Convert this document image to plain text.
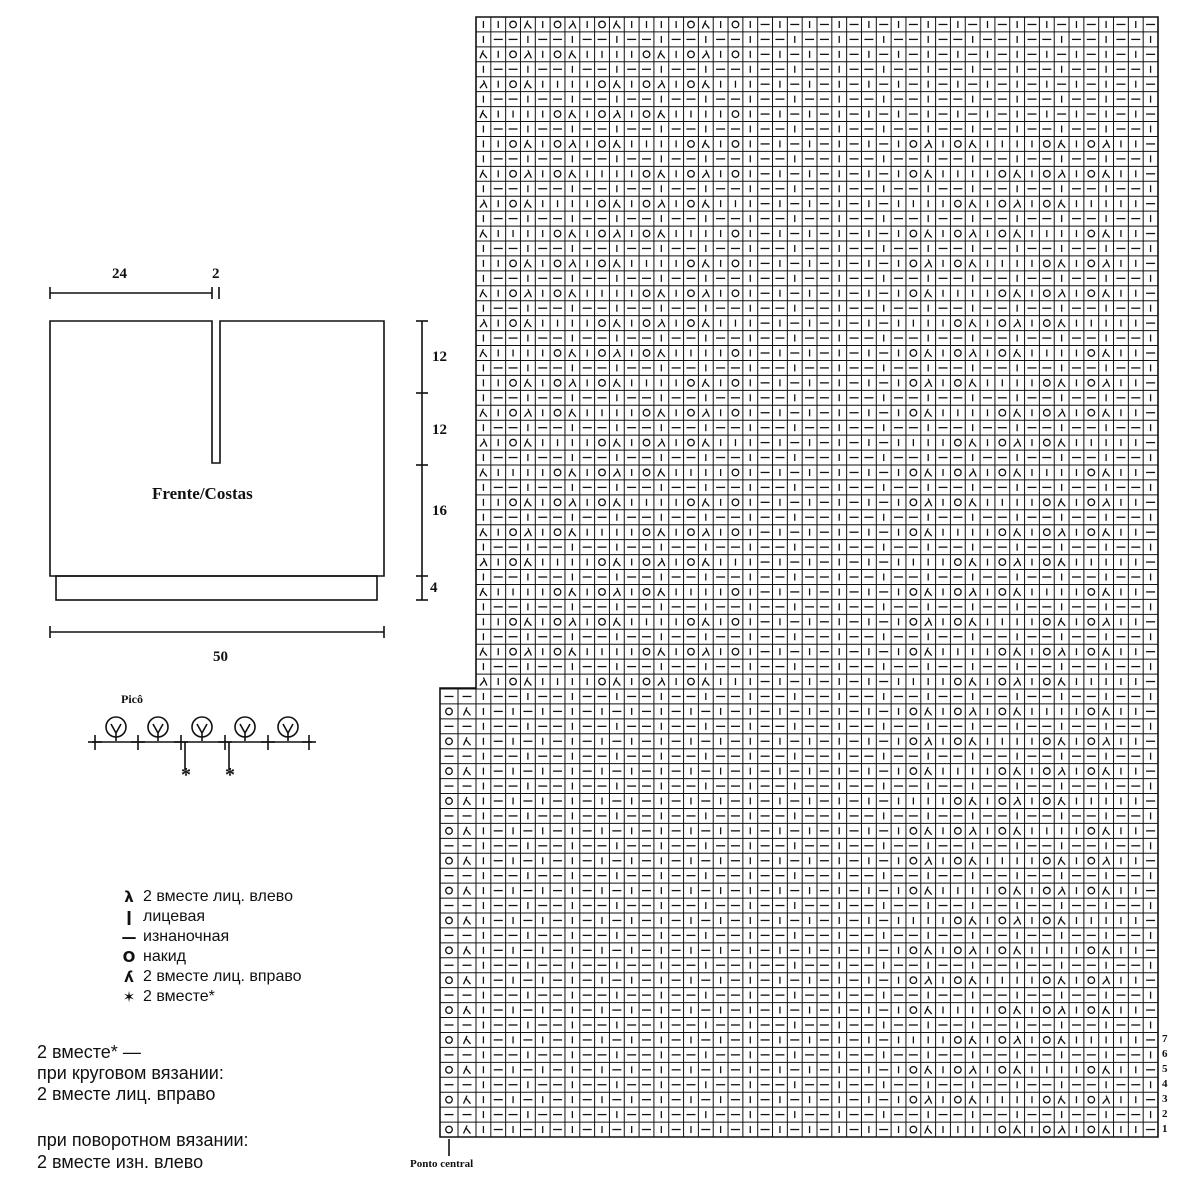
24	2
50
12
12
16
4
Frente/Costas
Picô
* *
λ 2 вместе лиц. влево
ǀ лицевая
— изнаночная
O накид
ʎ 2 вместе лиц. вправо
✶ 2 вместе*
2 вместе* —
при круговом вязании:
2 вместе лиц. вправо
при поворотном вязании:
2 вместе изн. влево
7
6
5
4
3
2
1
Ponto central
